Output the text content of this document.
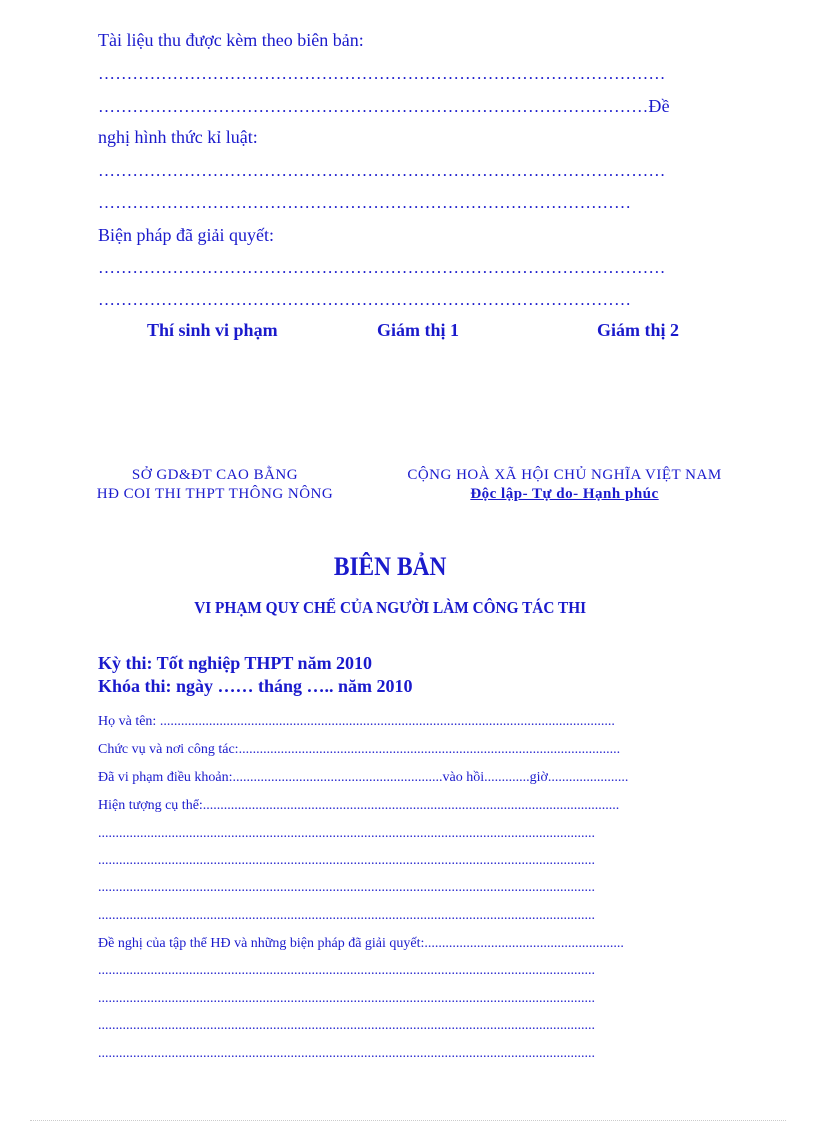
Tài liệu thu được kèm theo biên bản:
………………………………………………………………………………………
……………………………………………………………………………………Đề
nghị hình thức kỉ luật:
………………………………………………………………………………………
…………………………………………………………………………………
Biện pháp đã giải quyết:
………………………………………………………………………………………
…………………………………………………………………………………
Thí sinh vi phạm	Giám thị 1	Giám thị 2
SỞ GD&ĐT CAO BẰNG
HĐ COI THI THPT THÔNG NÔNG
CỘNG HOÀ XÃ HỘI CHỦ NGHĨA VIỆT NAM
Độc lập- Tự do- Hạnh phúc
BIÊN BẢN
VI PHẠM QUY CHẾ CỦA NGƯỜI LÀM CÔNG TÁC THI
Kỳ thi: Tốt nghiệp THPT năm 2010
Khóa thi: ngày …… tháng ….. năm 2010
Họ và tên: ..................................................................................................................................
Chức vụ và nơi công tác:.............................................................................................................
Đã vi phạm điều khoản:............................................................vào hồi.............giờ.......................
Hiện tượng cụ thể:.......................................................................................................................
..............................................................................................................................................
..............................................................................................................................................
..............................................................................................................................................
..............................................................................................................................................
Đề nghị của tập thể HĐ và những biện pháp đã giải quyết:.........................................................
..............................................................................................................................................
..............................................................................................................................................
..............................................................................................................................................
..............................................................................................................................................
